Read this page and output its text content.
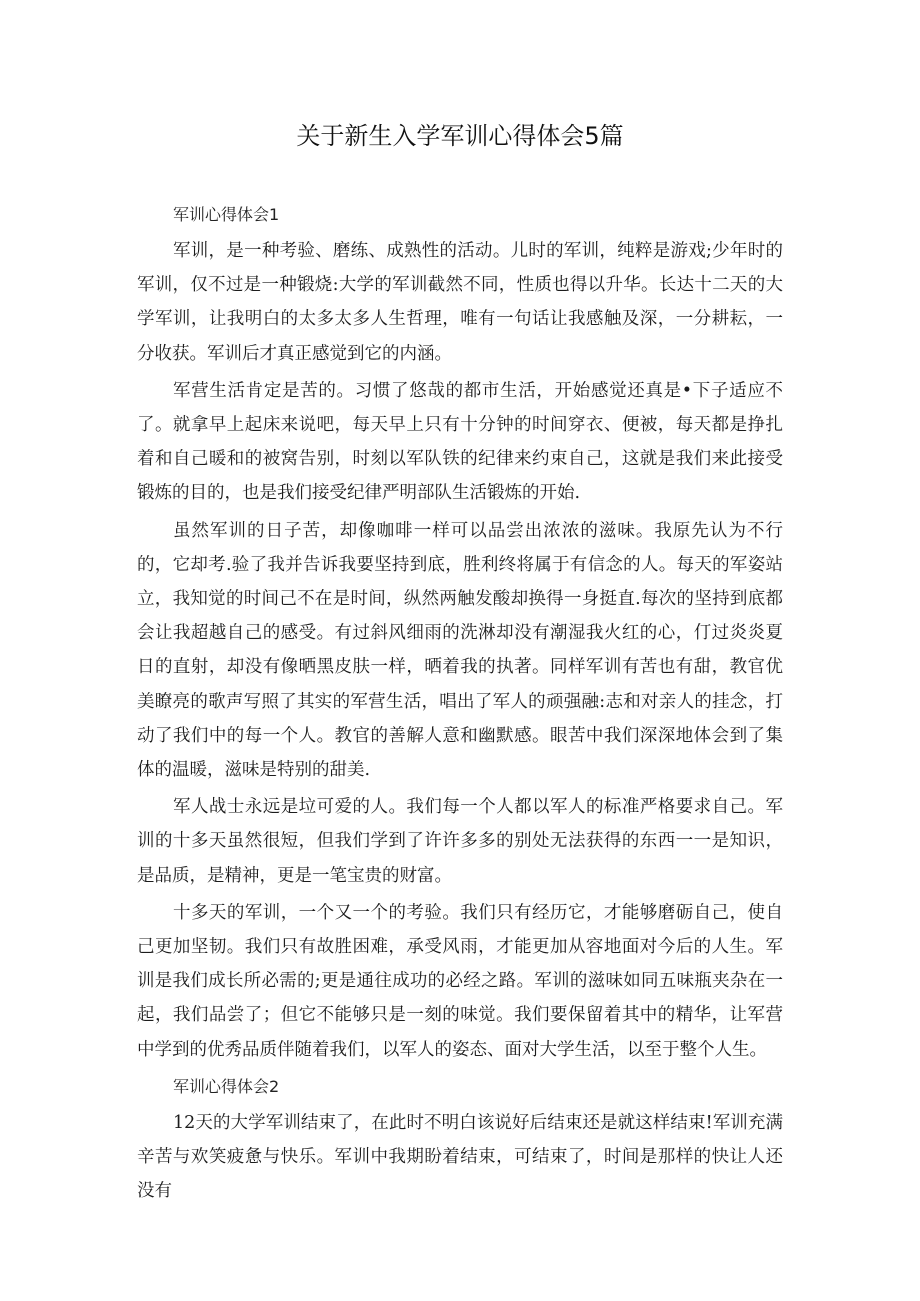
关于新生入学军训心得体会5篇
军训心得体会1

军训，是一种考验、磨练、成熟性的活动。儿时的军训，纯粹是游戏;少年时的军训，仅不过是一种锻烧:大学的军训截然不同，性质也得以升华。长达十二天的大学军训，让我明白的太多太多人生哲理，唯有一句话让我感触及深，一分耕耘，一分收获。军训后才真正感觉到它的内涵。

军营生活肯定是苦的。习惯了悠哉的都市生活，开始感觉还真是•下子适应不了。就拿早上起床来说吧，每天早上只有十分钟的时间穿衣、便被，每天都是挣扎着和自己暖和的被窝告别，时刻以军队铁的纪律来约束自己，这就是我们来此接受锻炼的目的，也是我们接受纪律严明部队生活锻炼的开始.

虽然军训的日子苦，却像咖啡一样可以品尝出浓浓的滋味。我原先认为不行的，它却考.验了我并告诉我要坚持到底，胜利终将属于有信念的人。每天的军姿站立，我知觉的时间己不在是时间，纵然两触发酸却换得一身挺直.每次的坚持到底都会让我超越自己的感受。有过斜风细雨的洗淋却没有潮湿我火红的心，仃过炎炎夏日的直射，却没有像晒黑皮肤一样，晒着我的执著。同样军训有苦也有甜，教官优美瞭亮的歌声写照了其实的军营生活，唱出了军人的顽强融:志和对亲人的挂念，打动了我们中的每一个人。教官的善解人意和幽默感。眼苦中我们深深地体会到了集体的温暖，滋味是特别的甜美.

军人战士永远是垃可爱的人。我们每一个人都以军人的标准严格要求自己。军训的十多天虽然很短，但我们学到了许许多多的别处无法获得的东西一一是知识，是品质，是精神，更是一笔宝贵的财富。

十多天的军训，一个又一个的考验。我们只有经历它，才能够磨砺自己，使自己更加坚韧。我们只有故胜困难，承受风雨，才能更加从容地面对今后的人生。军训是我们成长所必需的;更是通往成功的必经之路。军训的滋味如同五味瓶夹杂在一起，我们品尝了；但它不能够只是一刻的味觉。我们要保留着其中的精华，让军营中学到的优秀品质伴随着我们，以军人的姿态、面对大学生活，以至于整个人生。

军训心得体会2

12天的大学军训结束了，在此时不明白该说好后结束还是就这样结束!军训充满辛苦与欢笑疲惫与快乐。军训中我期盼着结束，可结束了，时间是那样的快让人还没有
